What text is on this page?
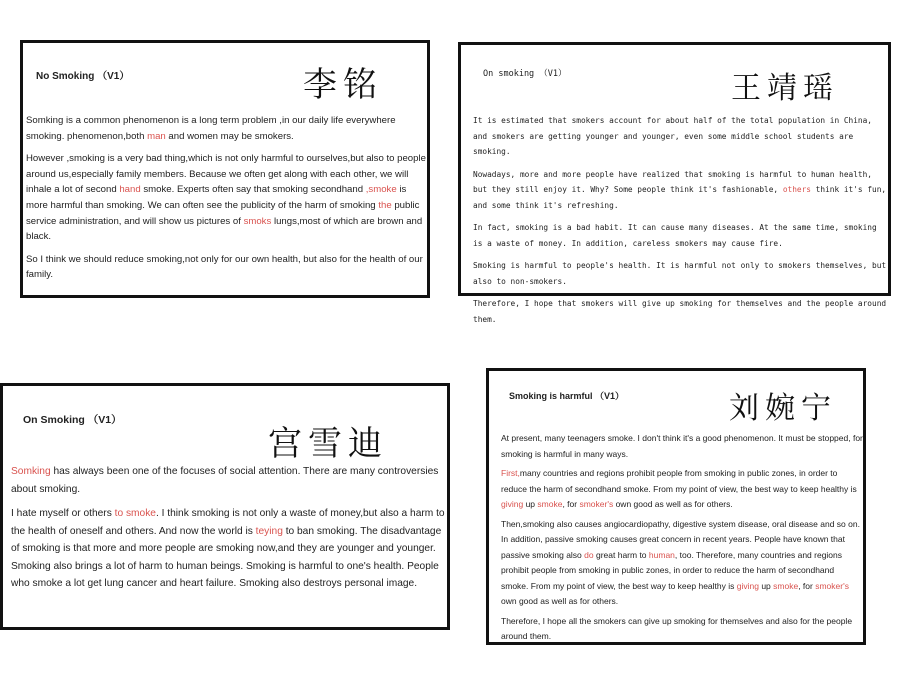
No Smoking （V1）	李铭

Somking is a common phenomenon is a long term problem ,in our daily life everywhere smoking. phenomenon,both man and women may be smokers.

However ,smoking is a very bad thing,which is not only harmful to ourselves,but also to people around us,especially family members. Because we often get along with each other, we will inhale a lot of second hand smoke. Experts often say that smoking secondhand ,smoke is more harmful than smoking. We can often see the publicity of the harm of smoking the public service administration, and will show us pictures of smoks lungs,most of which are brown and black.

So I think we should reduce smoking,not only for our own health, but also for the health of our family.

On smoking （V1）	王靖瑶

It is estimated that smokers account for about half of the total population in China, and smokers are getting younger and younger, even some middle school students are smoking.

Nowadays, more and more people have realized that smoking is harmful to human health, but they still enjoy it. Why? Some people think it's fashionable, others think it's fun, and some think it's refreshing.

In fact, smoking is a bad habit. It can cause many diseases. At the same time, smoking is a waste of money. In addition, careless smokers may cause fire.

Smoking is harmful to people's health. It is harmful not only to smokers themselves, but also to non-smokers.

Therefore, I hope that smokers will give up smoking for themselves and the people around them.

On Smoking （V1）
宫雪迪

Somking has always been one of the focuses of social attention. There are many controversies about smoking.

I hate myself or others to smoke. I think smoking is not only a waste of money,but also a harm to the health of oneself and others. And now the world is teying to ban smoking. The disadvantage of smoking is that more and more people are smoking now,and they are younger and younger. Smoking also brings a lot of harm to human beings. Smoking is harmful to one's health. People who smoke a lot get lung cancer and heart failure. Smoking also destroys personal image.

Smoking is harmful （V1）	刘婉宁

At present, many teenagers smoke. I don't think it's a good phenomenon. It must be stopped, for smoking is harmful in many ways.

First,many countries and regions prohibit people from smoking in public zones, in order to reduce the harm of secondhand smoke. From my point of view, the best way to keep healthy is giving up smoke, for smoker's own good as well as for others.

Then,smoking also causes angiocardiopathy, digestive system disease, oral disease and so on. In addition, passive smoking causes great concern in recent years. People have known that passive smoking also do great harm to human, too. Therefore, many countries and regions prohibit people from smoking in public zones, in order to reduce the harm of secondhand smoke. From my point of view, the best way to keep healthy is giving up smoke, for smoker's own good as well as for others.

Therefore, I hope all the smokers can give up smoking for themselves and also for the people around them.
